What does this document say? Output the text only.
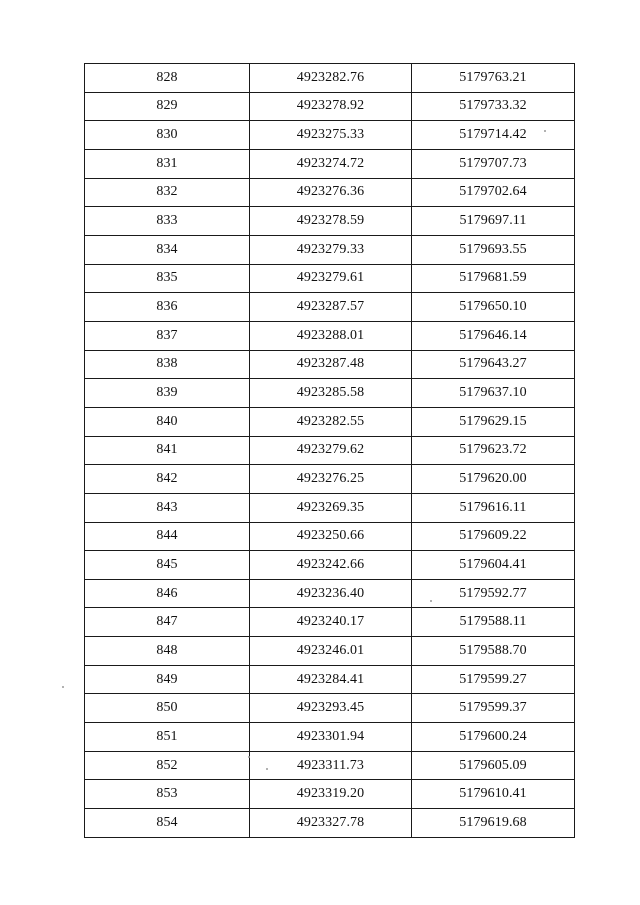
828	4923282.76	5179763.21
829	4923278.92	5179733.32
830	4923275.33	5179714.42
831	4923274.72	5179707.73
832	4923276.36	5179702.64
833	4923278.59	5179697.11
834	4923279.33	5179693.55
835	4923279.61	5179681.59
836	4923287.57	5179650.10
837	4923288.01	5179646.14
838	4923287.48	5179643.27
839	4923285.58	5179637.10
840	4923282.55	5179629.15
841	4923279.62	5179623.72
842	4923276.25	5179620.00
843	4923269.35	5179616.11
844	4923250.66	5179609.22
845	4923242.66	5179604.41
846	4923236.40	5179592.77
847	4923240.17	5179588.11
848	4923246.01	5179588.70
849	4923284.41	5179599.27
850	4923293.45	5179599.37
851	4923301.94	5179600.24
852	4923311.73	5179605.09
853	4923319.20	5179610.41
854	4923327.78	5179619.68
